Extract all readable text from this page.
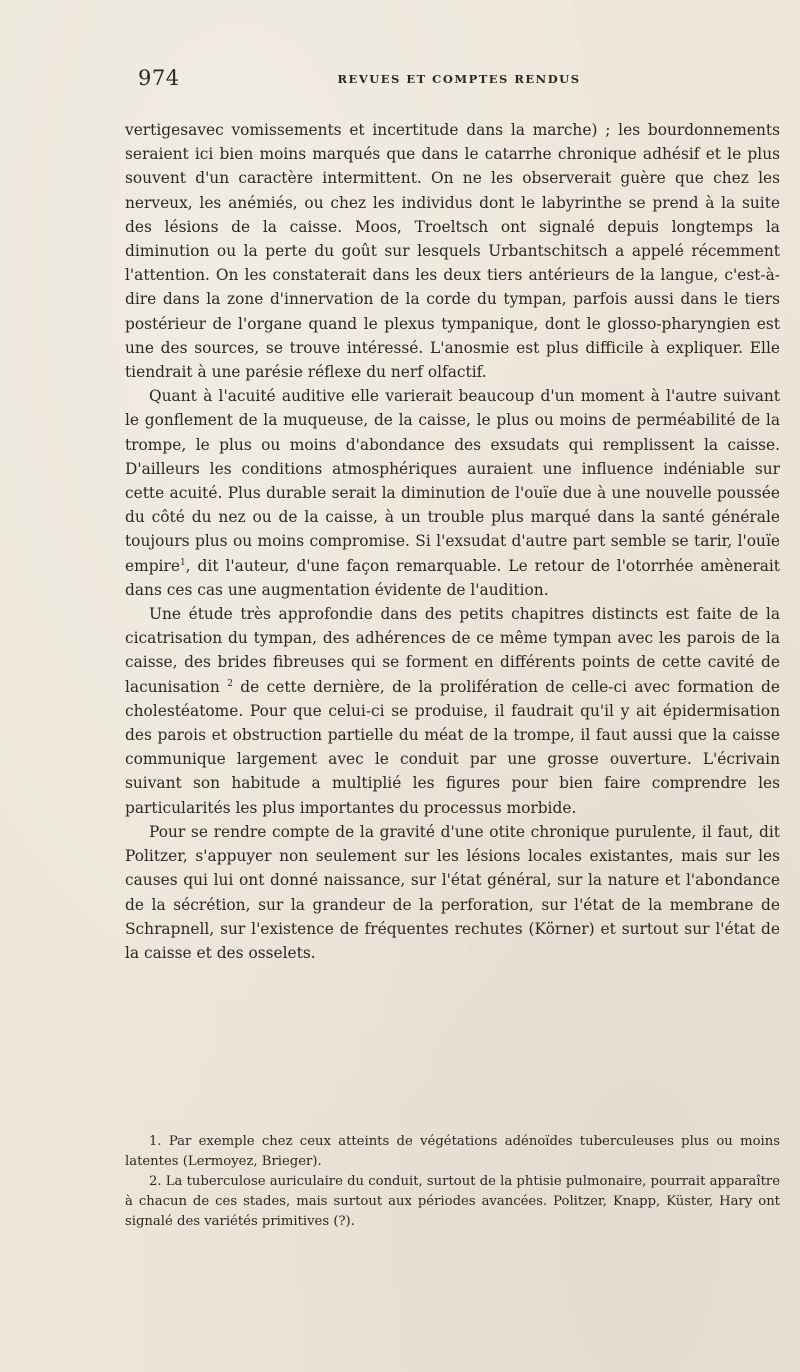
974	REVUES ET COMPTES RENDUS

vertigesavec vomissements et incertitude dans la marche) ; les bourdonnements seraient ici bien moins marqués que dans le catarrhe chronique adhésif et le plus souvent d'un caractère intermittent. On ne les observerait guère que chez les nerveux, les anémiés, ou chez les individus dont le labyrinthe se prend à la suite des lésions de la caisse. Moos, Troeltsch ont signalé depuis longtemps la diminution ou la perte du goût sur lesquels Urbantschitsch a appelé récemment l'attention. On les constaterait dans les deux tiers antérieurs de la langue, c'est-à-dire dans la zone d'innervation de la corde du tympan, parfois aussi dans le tiers postérieur de l'organe quand le plexus tympanique, dont le glosso-pharyngien est une des sources, se trouve intéressé. L'anosmie est plus difficile à expliquer. Elle tiendrait à une parésie réflexe du nerf olfactif.

Quant à l'acuité auditive elle varierait beaucoup d'un moment à l'autre suivant le gonflement de la muqueuse, de la caisse, le plus ou moins de perméabilité de la trompe, le plus ou moins d'abondance des exsudats qui remplissent la caisse. D'ailleurs les conditions atmosphériques auraient une influence indéniable sur cette acuité. Plus durable serait la diminution de l'ouïe due à une nouvelle poussée du côté du nez ou de la caisse, à un trouble plus marqué dans la santé générale toujours plus ou moins compromise. Si l'exsudat d'autre part semble se tarir, l'ouïe empire$^1$, dit l'auteur, d'une façon remarquable. Le retour de l'otorrhée amènerait dans ces cas une augmentation évidente de l'audition.

Une étude très approfondie dans des petits chapitres distincts est faite de la cicatrisation du tympan, des adhérences de ce même tympan avec les parois de la caisse, des brides fibreuses qui se forment en différents points de cette cavité de lacunisation $^2$ de cette dernière, de la prolifération de celle-ci avec formation de cholestéatome. Pour que celui-ci se produise, il faudrait qu'il y ait épidermisation des parois et obstruction partielle du méat de la trompe, il faut aussi que la caisse communique largement avec le conduit par une grosse ouverture. L'écrivain suivant son habitude a multiplié les figures pour bien faire comprendre les particularités les plus importantes du processus morbide.

Pour se rendre compte de la gravité d'une otite chronique purulente, il faut, dit Politzer, s'appuyer non seulement sur les lésions locales existantes, mais sur les causes qui lui ont donné naissance, sur l'état général, sur la nature et l'abondance de la sécrétion, sur la grandeur de la perforation, sur l'état de la membrane de Schrapnell, sur l'existence de fréquentes rechutes (Körner) et surtout sur l'état de la caisse et des osselets.

1. Par exemple chez ceux atteints de végétations adénoïdes tuberculeuses plus ou moins latentes (Lermoyez, Brieger).

2. La tuberculose auriculaire du conduit, surtout de la phtisie pulmonaire, pourrait apparaître à chacun de ces stades, mais surtout aux périodes avancées. Politzer, Knapp, Küster, Hary ont signalé des variétés primitives (?).
